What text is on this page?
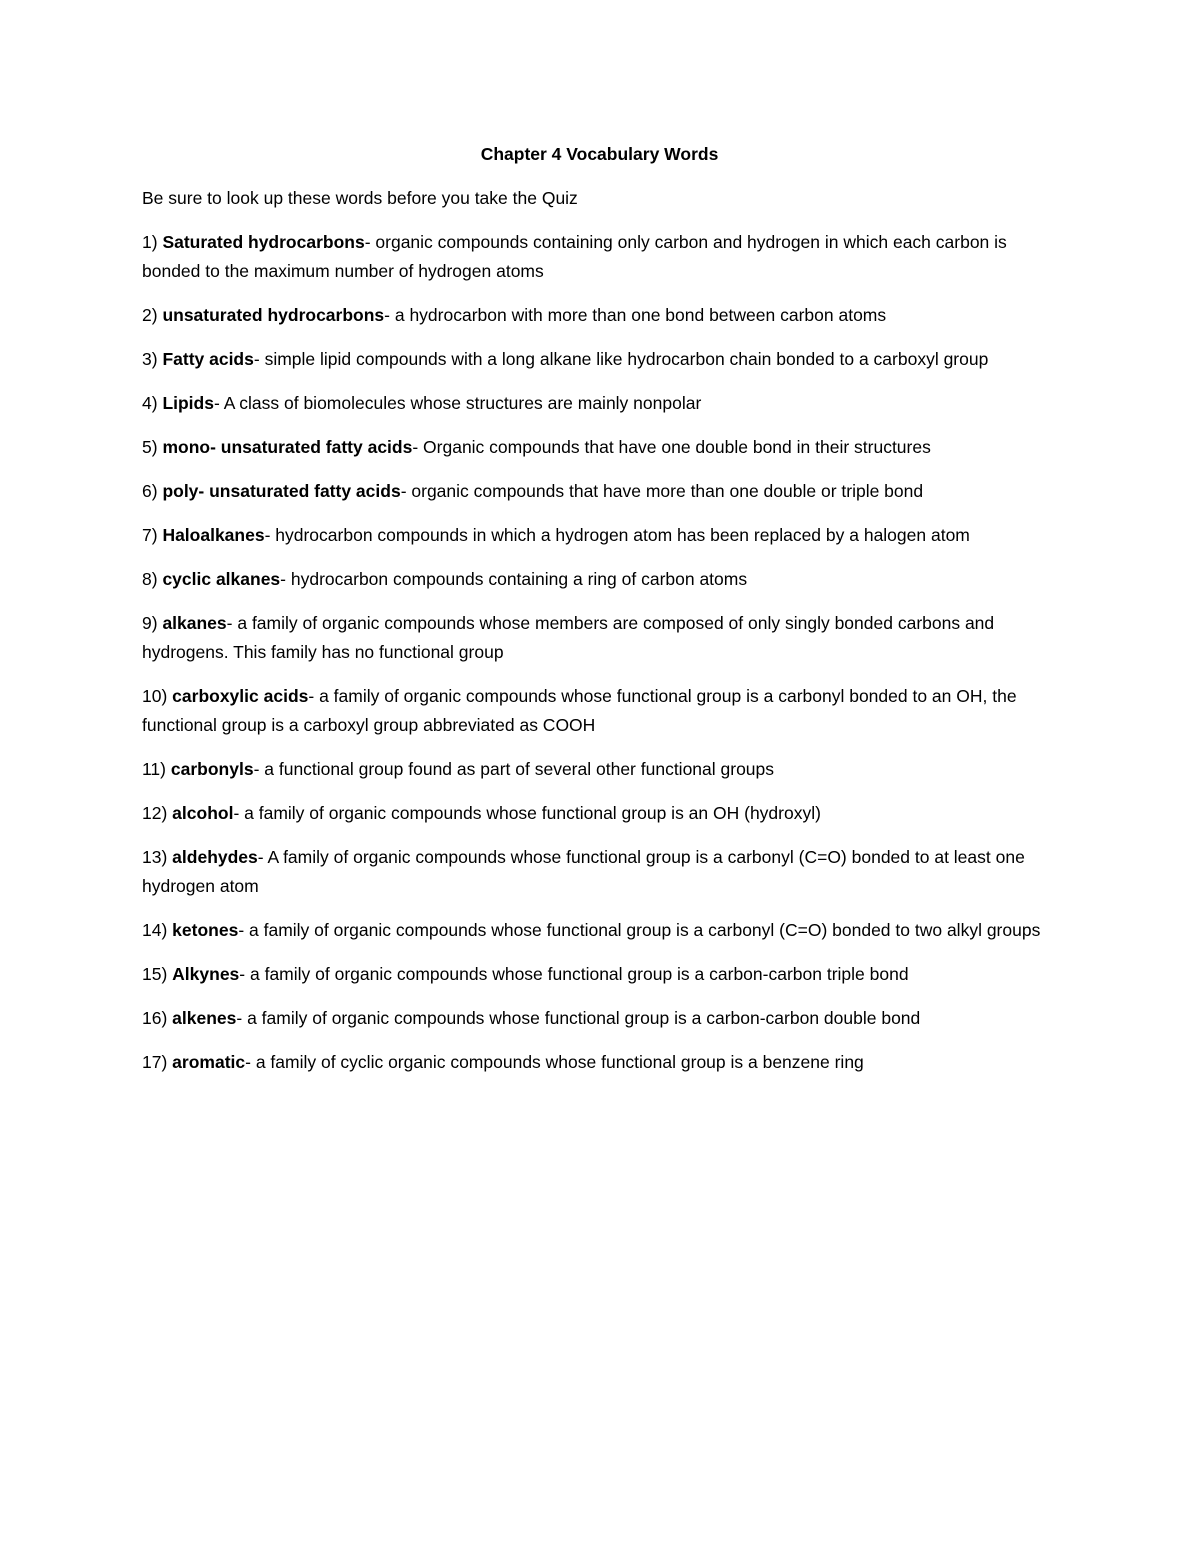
Chapter 4 Vocabulary Words
Be sure to look up these words before you take the Quiz
1) Saturated hydrocarbons- organic compounds containing only carbon and hydrogen in which each carbon is bonded to the maximum number of hydrogen atoms
2) unsaturated hydrocarbons- a hydrocarbon with more than one bond between carbon atoms
3) Fatty acids- simple lipid compounds with a long alkane like hydrocarbon chain bonded to a carboxyl group
4) Lipids- A class of biomolecules whose structures are mainly nonpolar
5) mono- unsaturated fatty acids- Organic compounds that have one double bond in their structures
6) poly- unsaturated fatty acids- organic compounds that have more than one double or triple bond
7) Haloalkanes- hydrocarbon compounds in which a hydrogen atom has been replaced by a halogen atom
8) cyclic alkanes- hydrocarbon compounds containing a ring of carbon atoms
9) alkanes- a family of organic compounds whose members are composed of only singly bonded carbons and hydrogens. This family has no functional group
10) carboxylic acids- a family of organic compounds whose functional group is a carbonyl bonded to an OH, the functional group is a carboxyl group abbreviated as COOH
11) carbonyls- a functional group found as part of several other functional groups
12) alcohol- a family of organic compounds whose functional group is an OH (hydroxyl)
13) aldehydes- A family of organic compounds whose functional group is a carbonyl (C=O) bonded to at least one hydrogen atom
14) ketones- a family of organic compounds whose functional group is a carbonyl (C=O) bonded to two alkyl groups
15) Alkynes- a family of organic compounds whose functional group is a carbon-carbon triple bond
16) alkenes- a family of organic compounds whose functional group is a carbon-carbon double bond
17) aromatic- a family of cyclic organic compounds whose functional group is a benzene ring
